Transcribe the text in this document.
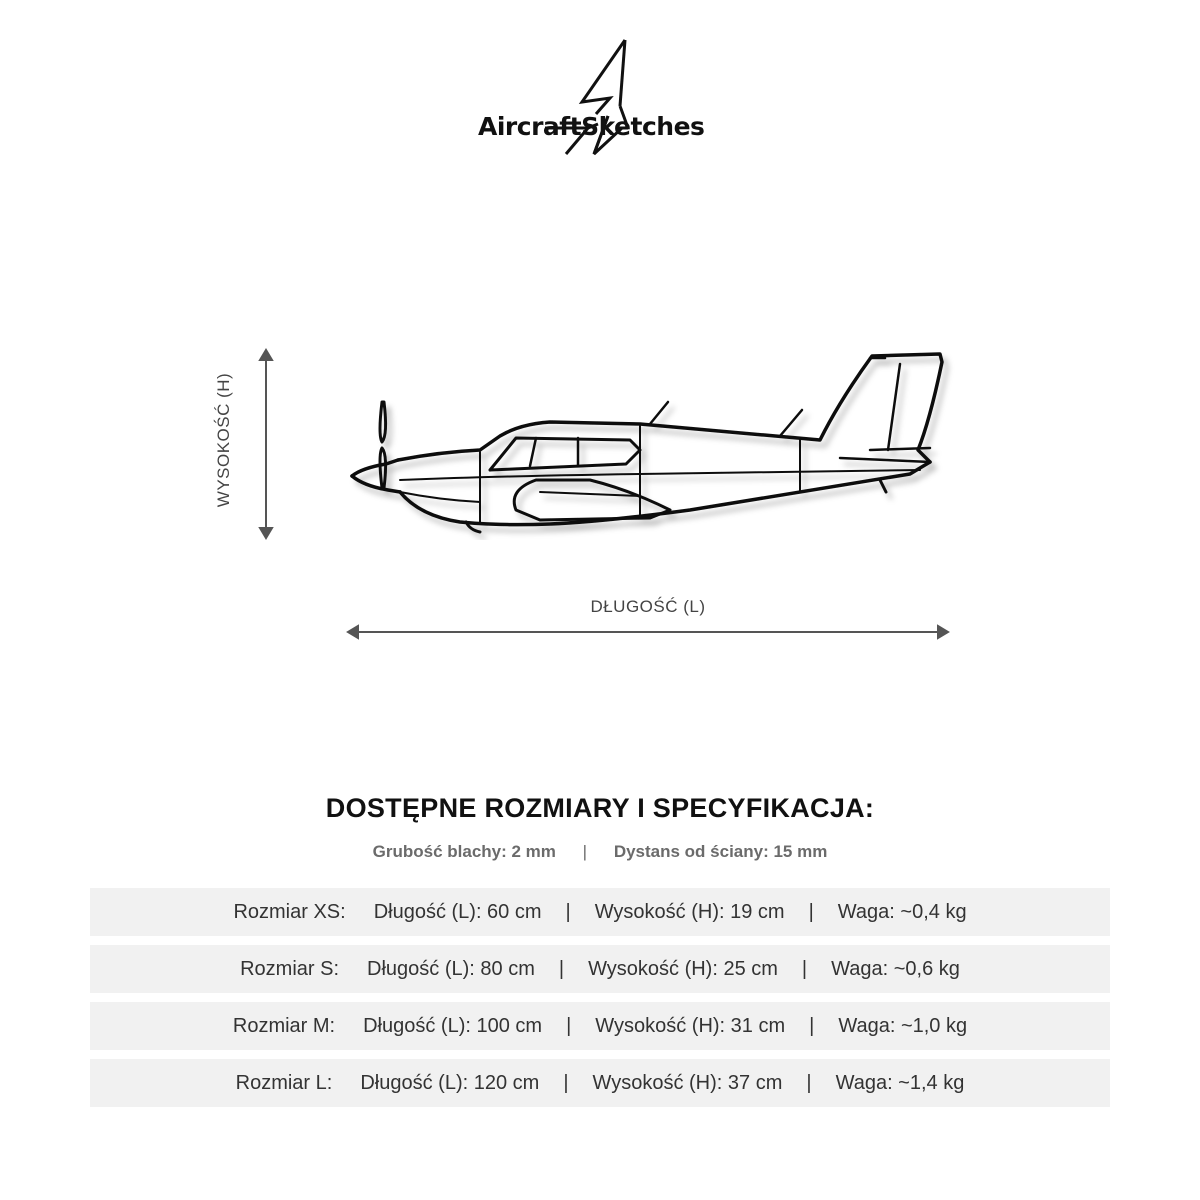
AircraftSketches
WYSOKOŚĆ (H)
DŁUGOŚĆ (L)
DOSTĘPNE ROZMIARY I SPECYFIKACJA:
Grubość blachy: 2 mm | Dystans od ściany: 15 mm
Rozmiar XS: Długość (L): 60 cm | Wysokość (H): 19 cm | Waga: ~0,4 kg
Rozmiar S: Długość (L): 80 cm | Wysokość (H): 25 cm | Waga: ~0,6 kg
Rozmiar M: Długość (L): 100 cm | Wysokość (H): 31 cm | Waga: ~1,0 kg
Rozmiar L: Długość (L): 120 cm | Wysokość (H): 37 cm | Waga: ~1,4 kg
